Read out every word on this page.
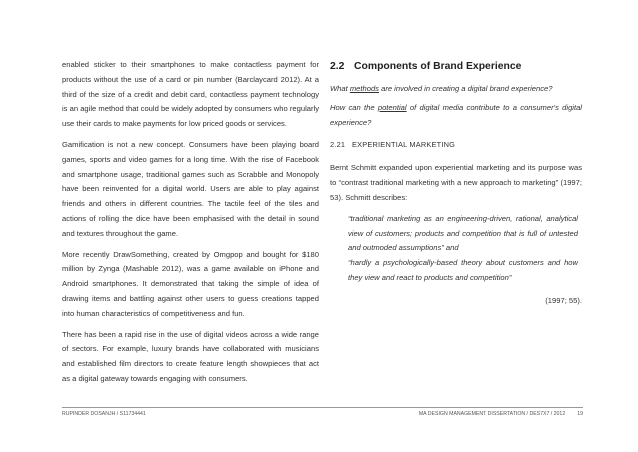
enabled sticker to their smartphones to make contactless payment for products without the use of a card or pin number (Barclaycard 2012). At a third of the size of a credit and debit card, contactless payment technology is an agile method that could be widely adopted by consumers who regularly use their cards to make payments for low priced goods or services.

Gamification is not a new concept. Consumers have been playing board games, sports and video games for a long time. With the rise of Facebook and smartphone usage, traditional games such as Scrabble and Monopoly have been reinvented for a digital world. Users are able to play against friends and others in different countries. The tactile feel of the tiles and actions of rolling the dice have been emphasised with the detail in sound and textures throughout the game.

More recently DrawSomething, created by Omgpop and bought for $180 million by Zynga (Mashable 2012), was a game available on iPhone and Android smartphones. It demonstrated that taking the simple of idea of drawing items and battling against other users to guess creations tapped into human characteristics of competitiveness and fun.

There has been a rapid rise in the use of digital videos across a wide range of sectors. For example, luxury brands have collaborated with musicians and established film directors to create feature length showpieces that act as a digital gateway towards engaging with consumers.

2.2 Components of Brand Experience

What methods are involved in creating a digital brand experience?

How can the potential of digital media contribute to a consumer's digital experience?

2.21 EXPERIENTIAL MARKETING

Bernt Schmitt expanded upon experiential marketing and its purpose was to “contrast traditional marketing with a new approach to marketing” (1997; 53). Schmitt describes:

“traditional marketing as an engineering-driven, rational, analytical view of customers; products and competition that is full of untested and outmoded assumptions” and

“hardly a psychologically-based theory about customers and how they view and react to products and competition”

(1997; 55).
RUPINDER DOSANJH / S11734441	MA DESIGN MANAGEMENT DISSERTATION / DES7X7 / 2012 19
